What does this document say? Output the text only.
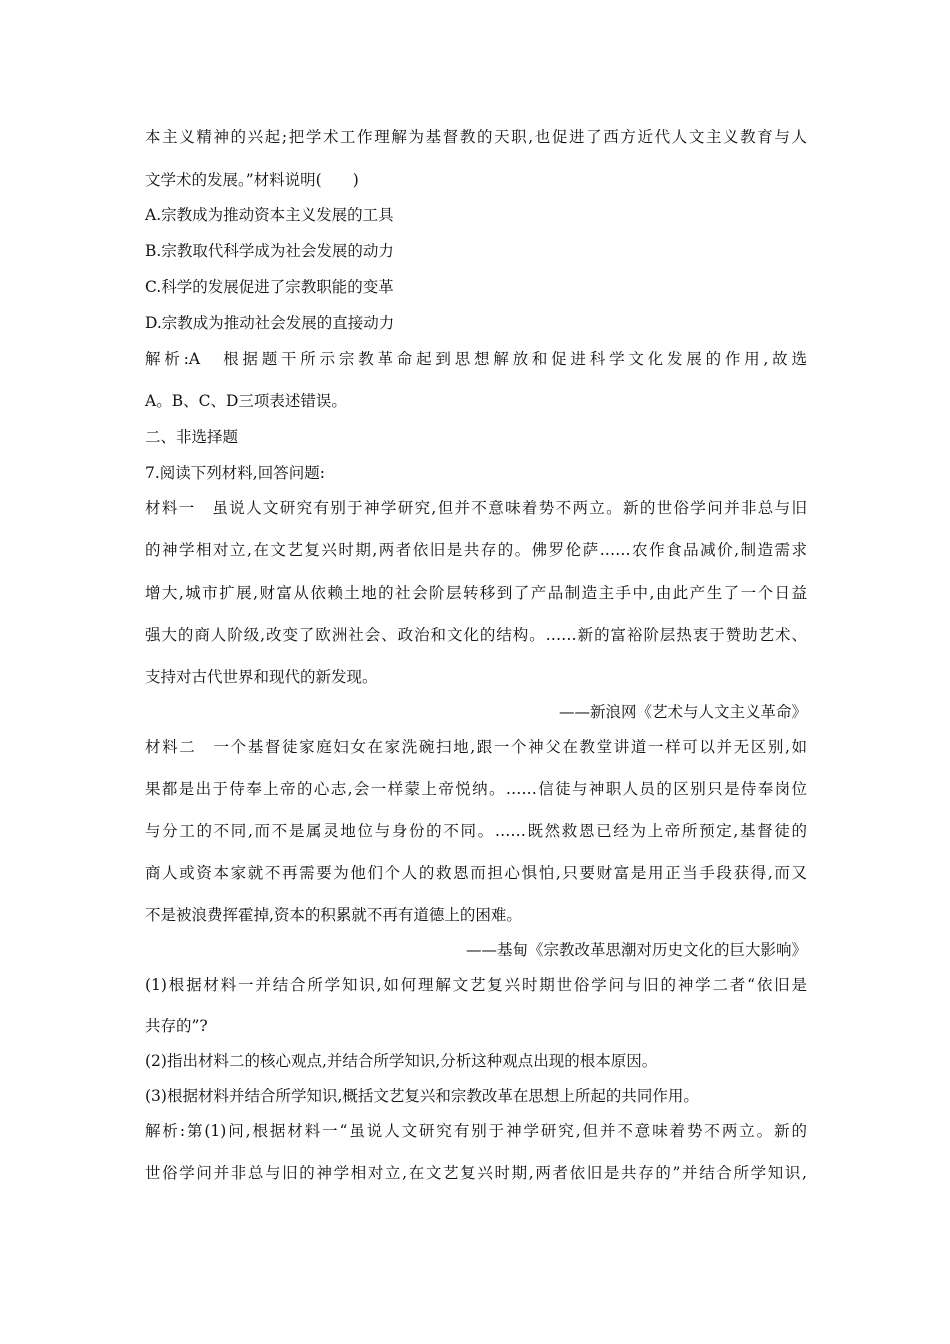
本主义精神的兴起;把学术工作理解为基督教的天职,也促进了西方近代人文主义教育与人
文学术的发展。”材料说明(　　)
A.宗教成为推动资本主义发展的工具
B.宗教取代科学成为社会发展的动力
C.科学的发展促进了宗教职能的变革
D.宗教成为推动社会发展的直接动力
解析:A　根据题干所示宗教革命起到思想解放和促进科学文化发展的作用,故选
A。B、C、D三项表述错误。
二、非选择题
7.阅读下列材料,回答问题:
材料一　虽说人文研究有别于神学研究,但并不意味着势不两立。新的世俗学问并非总与旧
的神学相对立,在文艺复兴时期,两者依旧是共存的。佛罗伦萨……农作食品减价,制造需求
增大,城市扩展,财富从依赖土地的社会阶层转移到了产品制造主手中,由此产生了一个日益
强大的商人阶级,改变了欧洲社会、政治和文化的结构。……新的富裕阶层热衷于赞助艺术、
支持对古代世界和现代的新发现。
——新浪网《艺术与人文主义革命》
材料二　一个基督徒家庭妇女在家洗碗扫地,跟一个神父在教堂讲道一样可以并无区别,如
果都是出于侍奉上帝的心志,会一样蒙上帝悦纳。……信徒与神职人员的区别只是侍奉岗位
与分工的不同,而不是属灵地位与身份的不同。……既然救恩已经为上帝所预定,基督徒的
商人或资本家就不再需要为他们个人的救恩而担心惧怕,只要财富是用正当手段获得,而又
不是被浪费挥霍掉,资本的积累就不再有道德上的困难。
——基甸《宗教改革思潮对历史文化的巨大影响》
(1)根据材料一并结合所学知识,如何理解文艺复兴时期世俗学问与旧的神学二者“依旧是
共存的”?
(2)指出材料二的核心观点,并结合所学知识,分析这种观点出现的根本原因。
(3)根据材料并结合所学知识,概括文艺复兴和宗教改革在思想上所起的共同作用。
解析:第(1)问,根据材料一“虽说人文研究有别于神学研究,但并不意味着势不两立。新的
世俗学问并非总与旧的神学相对立,在文艺复兴时期,两者依旧是共存的”并结合所学知识,
